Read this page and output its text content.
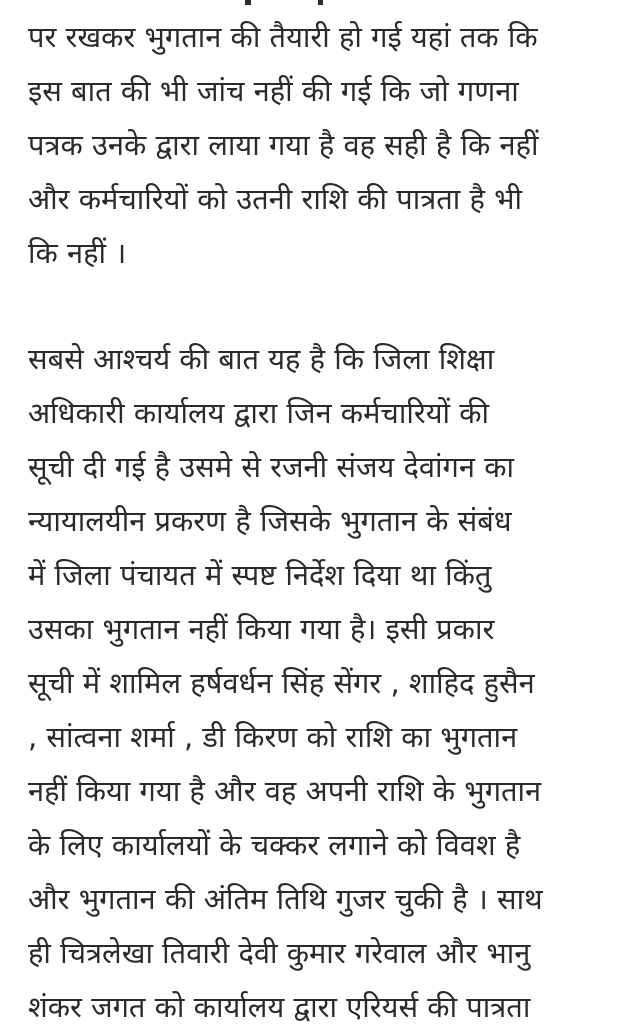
पर रखकर भुगतान की तैयारी हो गई यहां तक कि
इस बात की भी जांच नहीं की गई कि जो गणना
पत्रक उनके द्वारा लाया गया है वह सही है कि नहीं
और कर्मचारियों को उतनी राशि की पात्रता है भी
कि नहीं ।
सबसे आश्चर्य की बात यह है कि जिला शिक्षा
अधिकारी कार्यालय द्वारा जिन कर्मचारियों की
सूची दी गई है उसमे से रजनी संजय देवांगन का
न्यायालयीन प्रकरण है जिसके भुगतान के संबंध
में जिला पंचायत में स्पष्ट निर्देश दिया था किंतु
उसका भुगतान नहीं किया गया है। इसी प्रकार
सूची में शामिल हर्षवर्धन सिंह सेंगर , शाहिद हुसैन
, सांत्वना शर्मा , डी किरण को राशि का भुगतान
नहीं किया गया है और वह अपनी राशि के भुगतान
के लिए कार्यालयों के चक्कर लगाने को विवश है
और भुगतान की अंतिम तिथि गुजर चुकी है । साथ
ही चित्रलेखा तिवारी देवी कुमार गरेवाल और भानु
शंकर जगत को कार्यालय द्वारा एरियर्स की पात्रता
